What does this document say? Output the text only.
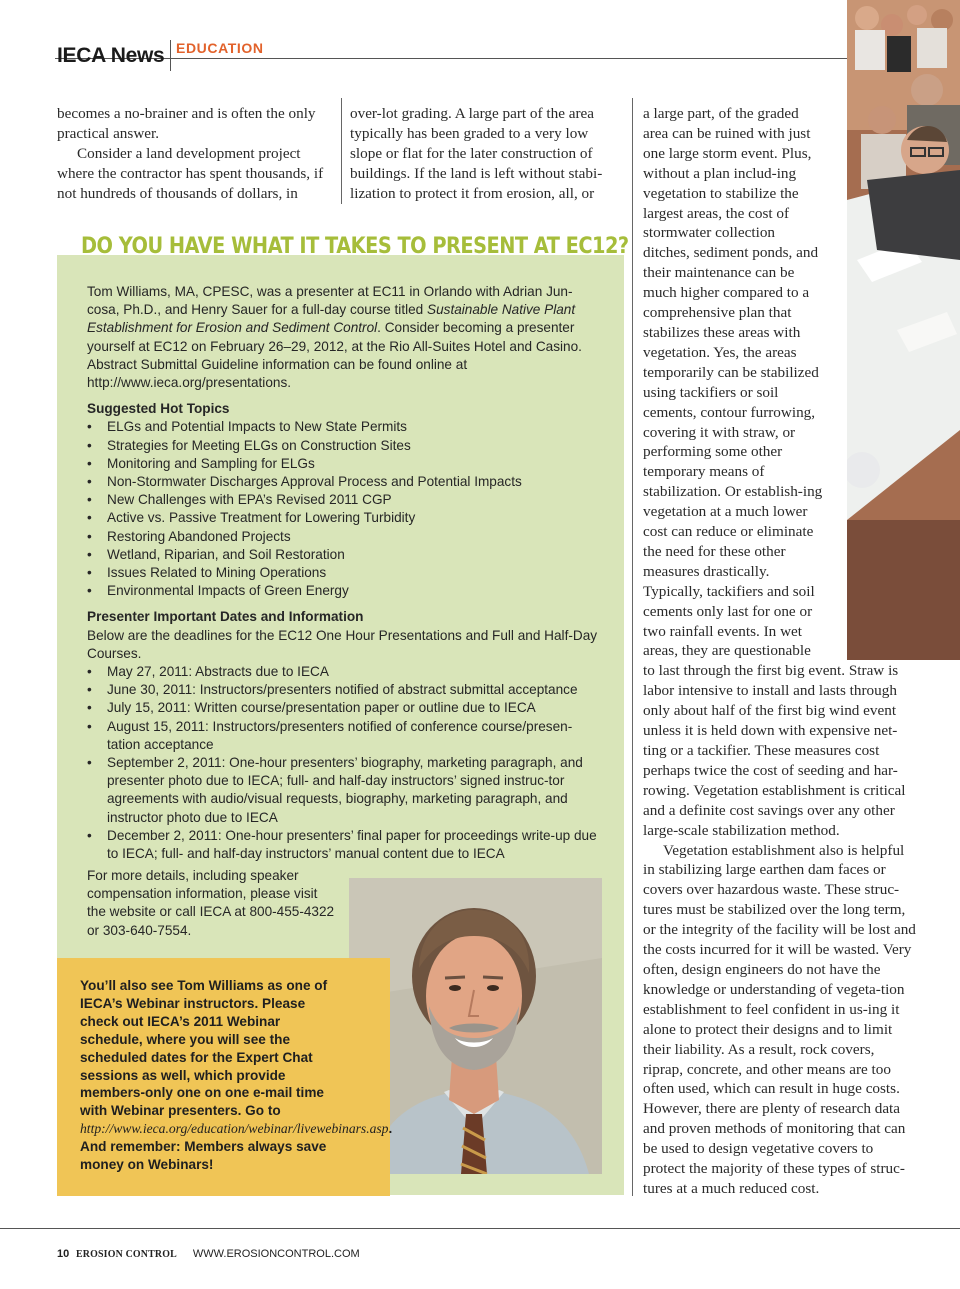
IECA News EDUCATION

becomes a no-brainer and is often the only practical answer.

Consider a land development project where the contractor has spent thousands, if not hundreds of thousands of dollars, in

over-lot grading. A large part of the area typically has been graded to a very low slope or flat for the later construction of buildings. If the land is left without stabi-lization to protect it from erosion, all, or

DO YOU HAVE WHAT IT TAKES TO PRESENT AT EC12?

Tom Williams, MA, CPESC, was a presenter at EC11 in Orlando with Adrian Jun-cosa, Ph.D., and Henry Sauer for a full-day course titled Sustainable Native Plant Establishment for Erosion and Sediment Control. Consider becoming a presenter yourself at EC12 on February 26–29, 2012, at the Rio All-Suites Hotel and Casino. Abstract Submittal Guideline information can be found online at http://www.ieca.org/presentations.

Suggested Hot Topics

• ELGs and Potential Impacts to New State Permits
• Strategies for Meeting ELGs on Construction Sites
• Monitoring and Sampling for ELGs
• Non-Stormwater Discharges Approval Process and Potential Impacts
• New Challenges with EPA’s Revised 2011 CGP
• Active vs. Passive Treatment for Lowering Turbidity
• Restoring Abandoned Projects
• Wetland, Riparian, and Soil Restoration
• Issues Related to Mining Operations
• Environmental Impacts of Green Energy

Presenter Important Dates and Information

Below are the deadlines for the EC12 One Hour Presentations and Full and Half-Day Courses.

• May 27, 2011: Abstracts due to IECA
• June 30, 2011: Instructors/presenters notified of abstract submittal acceptance
• July 15, 2011: Written course/presentation paper or outline due to IECA
• August 15, 2011: Instructors/presenters notified of conference course/presen-tation acceptance
• September 2, 2011: One-hour presenters’ biography, marketing paragraph, and presenter photo due to IECA; full- and half-day instructors’ signed instruc-tor agreements with audio/visual requests, biography, marketing paragraph, and instructor photo due to IECA
• December 2, 2011: One-hour presenters’ final paper for proceedings write-up due to IECA; full- and half-day instructors’ manual content due to IECA
For more details, including speaker compensation information, please visit the website or call IECA at 800-455-4322 or 303-640-7554.
You’ll also see Tom Williams as one of IECA’s Webinar instructors. Please check out IECA’s 2011 Webinar schedule, where you will see the scheduled dates for the Expert Chat sessions as well, which provide members-only one on one e-mail time with Webinar presenters. Go to http://www.ieca.org/education/webinar/livewebinars.asp. And remember: Members always save money on Webinars!

a large part, of the graded area can be ruined with just one large storm event. Plus, without a plan includ-ing vegetation to stabilize the largest areas, the cost of stormwater collection ditches, sediment ponds, and their maintenance can be much higher compared to a comprehensive plan that stabilizes these areas with vegetation. Yes, the areas temporarily can be stabilized using tackifiers or soil cements, contour furrowing, covering it with straw, or performing some other temporary means of stabilization. Or establish-ing vegetation at a much lower cost can reduce or eliminate the need for these other measures drastically. Typically, tackifiers and soil cements only last for one or two rainfall events. In wet areas, they are questionable

to last through the first big event. Straw is labor intensive to install and lasts through only about half of the first big wind event unless it is held down with expensive net-ting or a tackifier. These measures cost perhaps twice the cost of seeding and har-rowing. Vegetation establishment is critical and a definite cost savings over any other large-scale stabilization method.

Vegetation establishment also is helpful in stabilizing large earthen dam faces or covers over hazardous waste. These struc-tures must be stabilized over the long term, or the integrity of the facility will be lost and the costs incurred for it will be wasted. Very often, design engineers do not have the knowledge or understanding of vegeta-tion establishment to feel confident in us-ing it alone to protect their designs and to limit their liability. As a result, rock covers, riprap, concrete, and other means are too often used, which can result in huge costs. However, there are plenty of research data and proven methods of monitoring that can be used to design vegetative covers to protect the majority of these types of struc-tures at a much reduced cost.

10 EROSION CONTROL WWW.EROSIONCONTROL.COM
